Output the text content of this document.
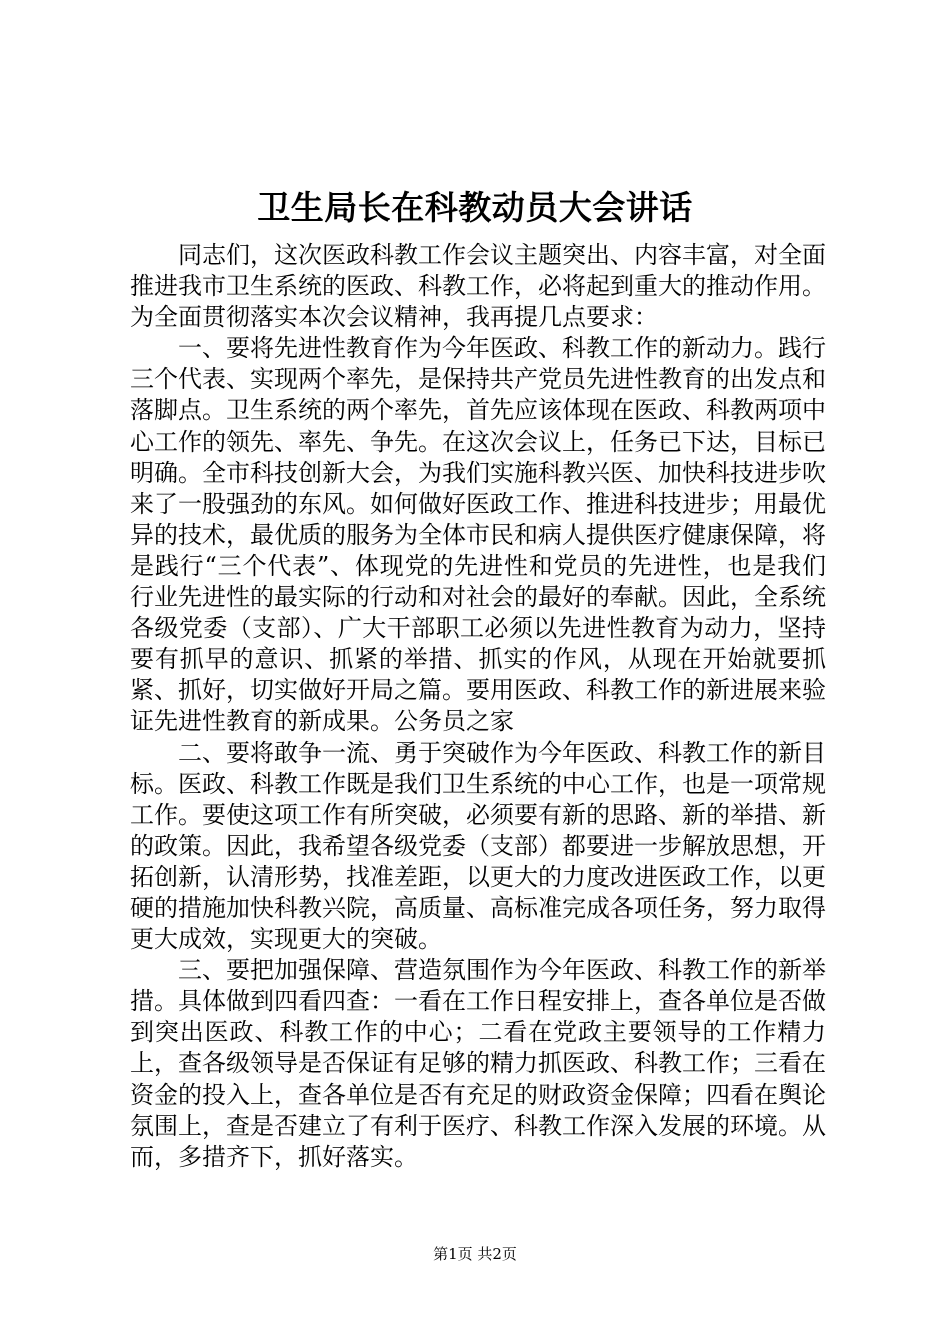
卫生局长在科教动员大会讲话

同志们，这次医政科教工作会议主题突出、内容丰富，对全面推进我市卫生系统的医政、科教工作，必将起到重大的推动作用。为全面贯彻落实本次会议精神，我再提几点要求：

一、要将先进性教育作为今年医政、科教工作的新动力。践行三个代表、实现两个率先，是保持共产党员先进性教育的出发点和落脚点。卫生系统的两个率先，首先应该体现在医政、科教两项中心工作的领先、率先、争先。在这次会议上，任务已下达，目标已明确。全市科技创新大会，为我们实施科教兴医、加快科技进步吹来了一股强劲的东风。如何做好医政工作、推进科技进步；用最优异的技术，最优质的服务为全体市民和病人提供医疗健康保障，将是践行“三个代表”、体现党的先进性和党员的先进性，也是我们行业先进性的最实际的行动和对社会的最好的奉献。因此，全系统各级党委（支部）、广大干部职工必须以先进性教育为动力，坚持要有抓早的意识、抓紧的举措、抓实的作风，从现在开始就要抓紧、抓好，切实做好开局之篇。要用医政、科教工作的新进展来验证先进性教育的新成果。公务员之家

二、要将敢争一流、勇于突破作为今年医政、科教工作的新目标。医政、科教工作既是我们卫生系统的中心工作，也是一项常规工作。要使这项工作有所突破，必须要有新的思路、新的举措、新的政策。因此，我希望各级党委（支部）都要进一步解放思想，开拓创新，认清形势，找准差距，以更大的力度改进医政工作，以更硬的措施加快科教兴院，高质量、高标准完成各项任务，努力取得更大成效，实现更大的突破。

三、要把加强保障、营造氛围作为今年医政、科教工作的新举措。具体做到四看四查：一看在工作日程安排上，查各单位是否做到突出医政、科教工作的中心；二看在党政主要领导的工作精力上，查各级领导是否保证有足够的精力抓医政、科教工作；三看在资金的投入上，查各单位是否有充足的财政资金保障；四看在舆论氛围上，查是否建立了有利于医疗、科教工作深入发展的环境。从而，多措齐下，抓好落实。

第1页 共2页
